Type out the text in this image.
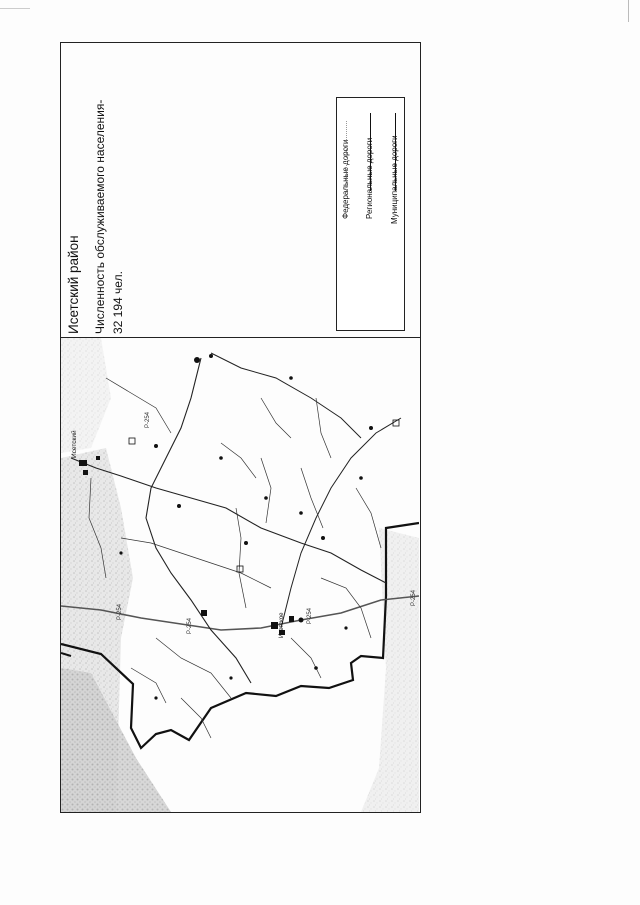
Исетский район Численность обслуживаемого населения- 32 194 чел.
Федеральные дороги Региональные дороги Муниципальные дороги
Р-254
Р-254
Р-254
Р-254
Р-254
Исетский
Исетское
